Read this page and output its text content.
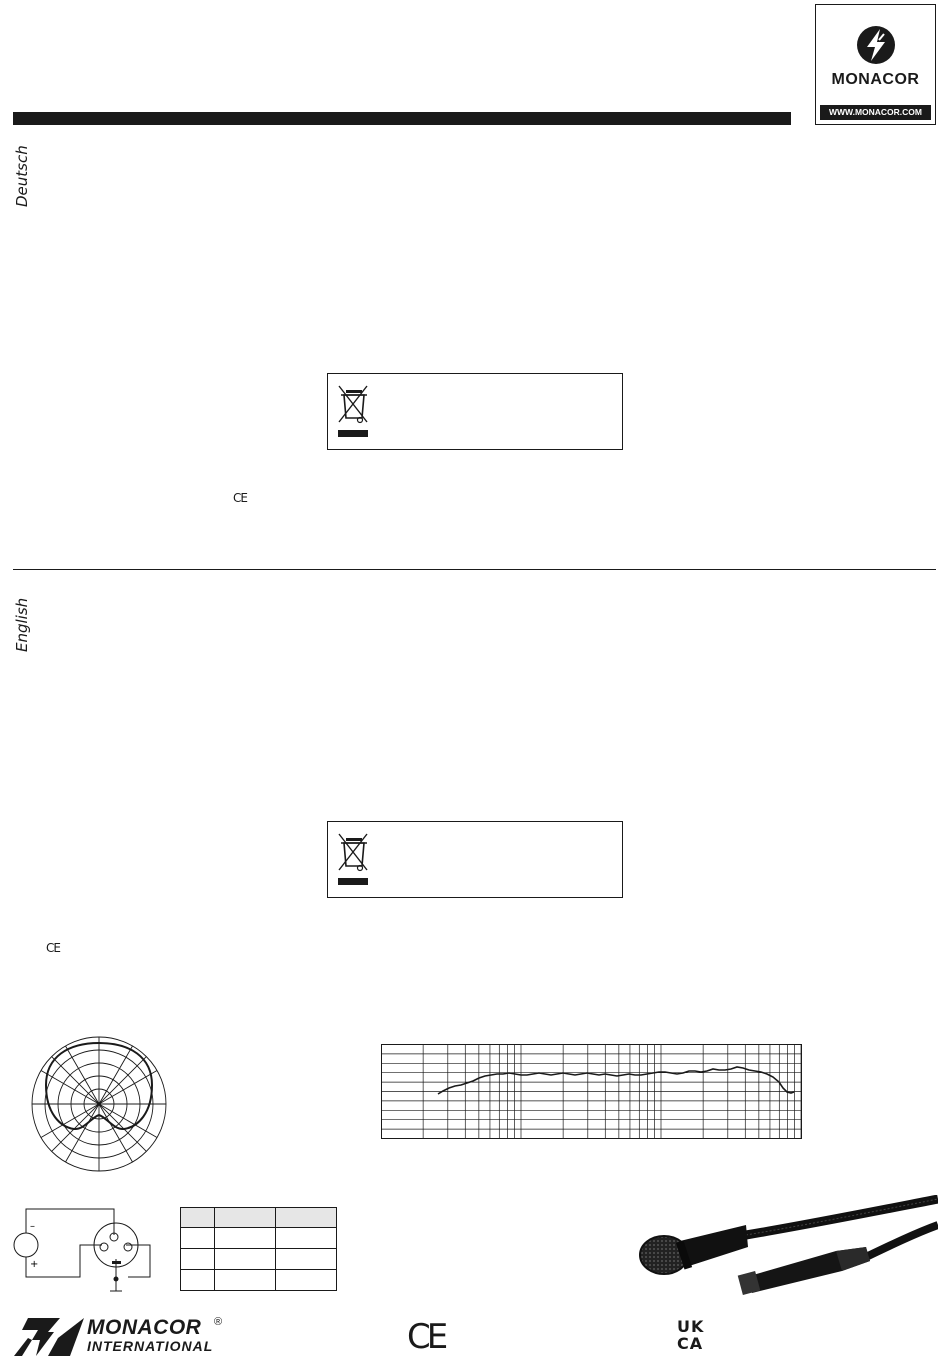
MONACOR
WWW.MONACOR.COM
Deutsch
CE
English
CE
–
+

MONACOR ®
INTERNATIONAL	CE	UK
CA
